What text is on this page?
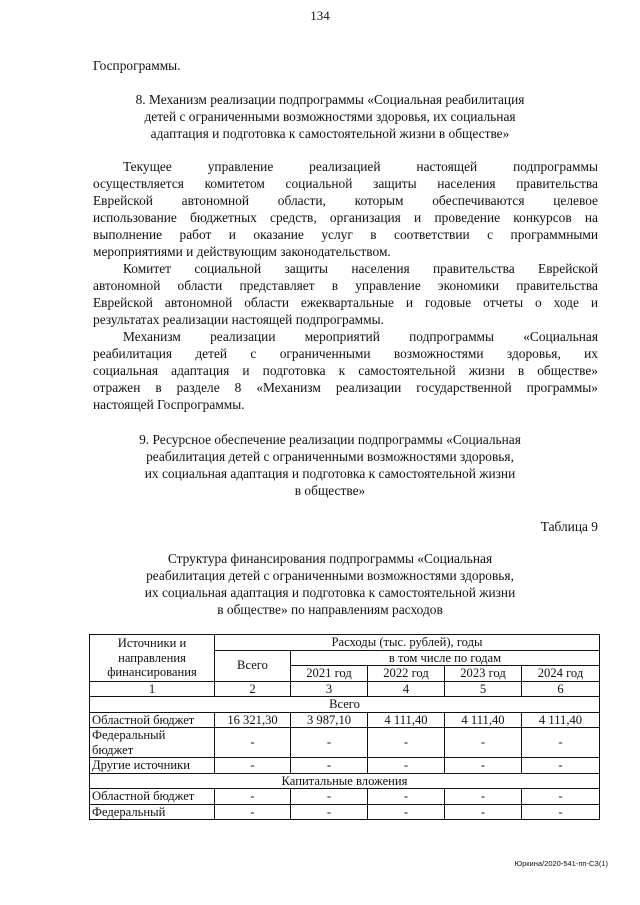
134
Госпрограммы.
8. Механизм реализации подпрограммы «Социальная реабилитация
детей с ограниченными возможностями здоровья, их социальная
адаптация и подготовка к самостоятельной жизни в обществе»
Текущее управление реализацией настоящей подпрограммы
осуществляется комитетом социальной защиты населения правительства
Еврейской автономной области, которым обеспечиваются целевое
использование бюджетных средств, организация и проведение конкурсов на
выполнение работ и оказание услуг в соответствии с программными
мероприятиями и действующим законодательством.
Комитет социальной защиты населения правительства Еврейской
автономной области представляет в управление экономики правительства
Еврейской автономной области ежеквартальные и годовые отчеты о ходе и
результатах реализации настоящей подпрограммы.
Механизм реализации мероприятий подпрограммы «Социальная
реабилитация детей с ограниченными возможностями здоровья, их
социальная адаптация и подготовка к самостоятельной жизни в обществе»
отражен в разделе 8 «Механизм реализации государственной программы»
настоящей Госпрограммы.
9. Ресурсное обеспечение реализации подпрограммы «Социальная
реабилитация детей с ограниченными возможностями здоровья,
их социальная адаптация и подготовка к самостоятельной жизни
в обществе»
Таблица 9
Структура финансирования подпрограммы «Социальная
реабилитация детей с ограниченными возможностями здоровья,
их социальная адаптация и подготовка к самостоятельной жизни
в обществе» по направлениям расходов
Источники и
направления
финансирования	Расходы (тыс. рублей), годы				
	Всего	в том числе по годам			
		2021 год	2022 год	2023 год	2024 год
1	2	3	4	5	6
Всего					
Областной бюджет	16 321,30	3 987,10	4 111,40	4 111,40	4 111,40

Федеральный
бюджет	-	-	-	-	-
Другие источники	-	-	-	-	-
Капитальные вложения					
Областной бюджет	-	-	-	-	-
Федеральный	-	-	-	-	-
Юркина/2020-541-пп-СЗ(1)
